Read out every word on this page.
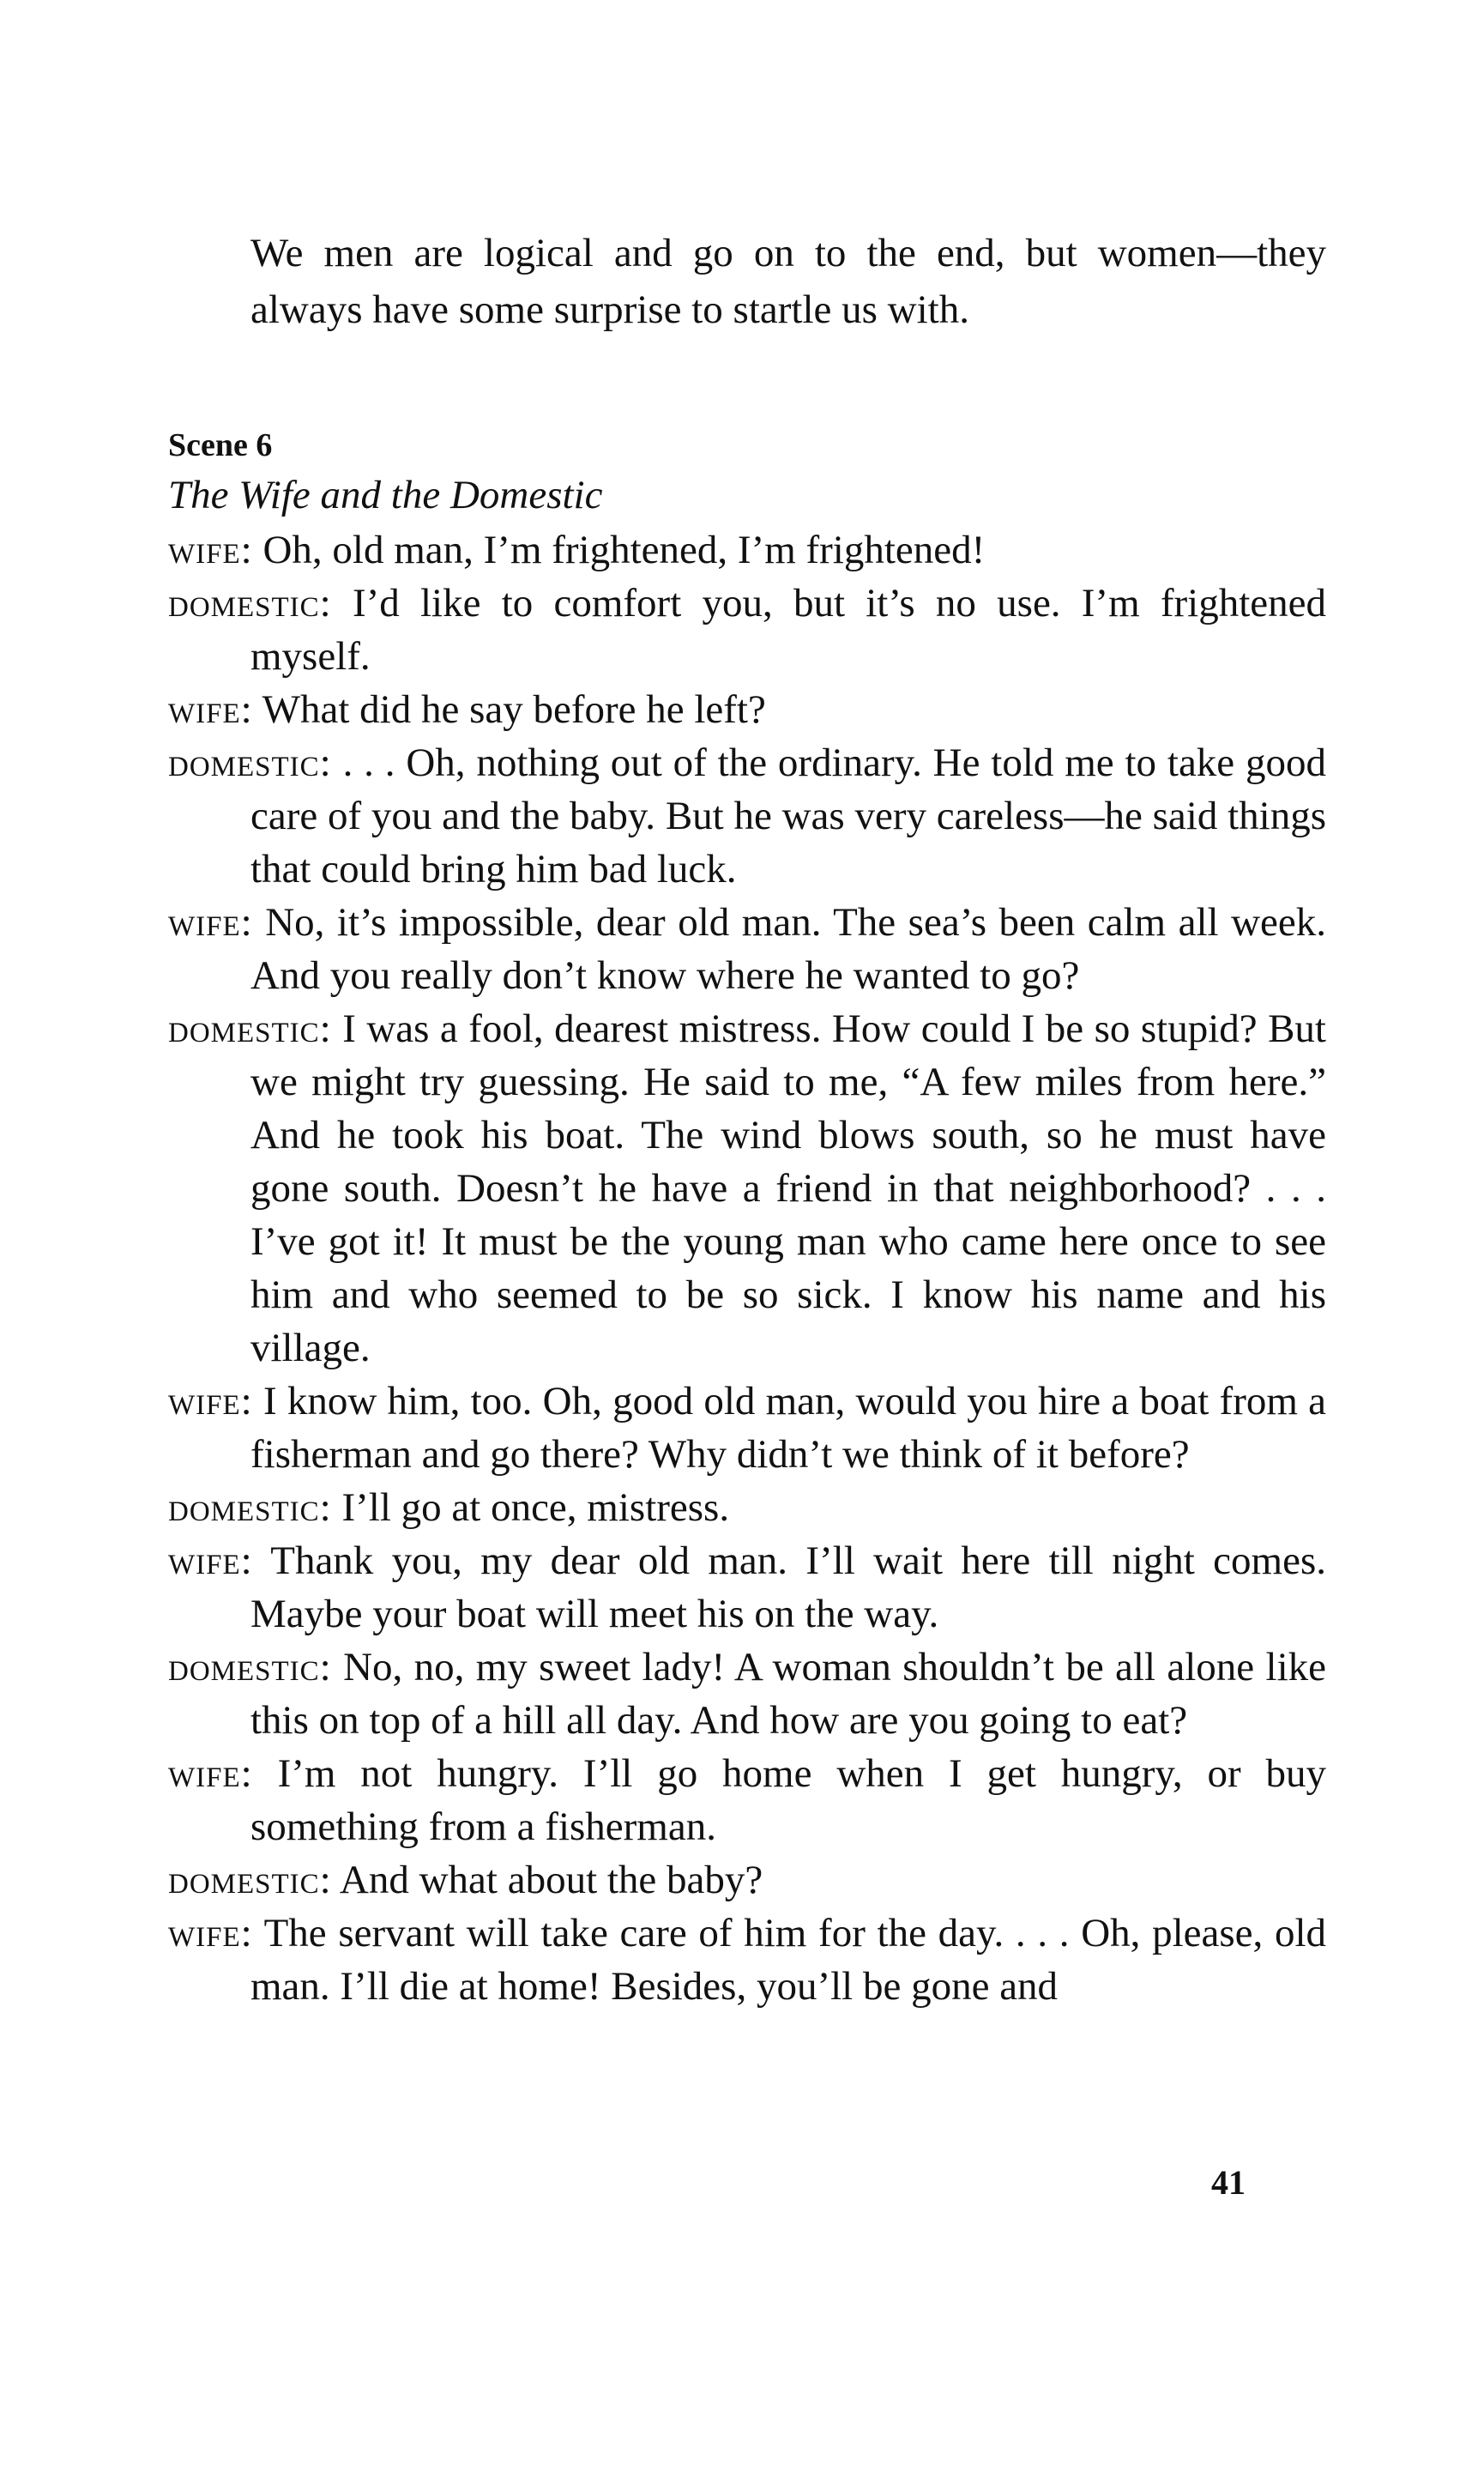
We men are logical and go on to the end, but women—they always have some surprise to startle us with.

Scene 6
The Wife and the Domestic
wife: Oh, old man, I’m frightened, I’m frightened!
domestic: I’d like to comfort you, but it’s no use. I’m frightened myself.
wife: What did he say before he left?
domestic: . . . Oh, nothing out of the ordinary. He told me to take good care of you and the baby. But he was very careless—he said things that could bring him bad luck.
wife: No, it’s impossible, dear old man. The sea’s been calm all week. And you really don’t know where he wanted to go?
domestic: I was a fool, dearest mistress. How could I be so stupid? But we might try guessing. He said to me, “A few miles from here.” And he took his boat. The wind blows south, so he must have gone south. Doesn’t he have a friend in that neighborhood? . . . I’ve got it! It must be the young man who came here once to see him and who seemed to be so sick. I know his name and his village.
wife: I know him, too. Oh, good old man, would you hire a boat from a fisherman and go there? Why didn’t we think of it before?
domestic: I’ll go at once, mistress.
wife: Thank you, my dear old man. I’ll wait here till night comes. Maybe your boat will meet his on the way.
domestic: No, no, my sweet lady! A woman shouldn’t be all alone like this on top of a hill all day. And how are you going to eat?
wife: I’m not hungry. I’ll go home when I get hungry, or buy something from a fisherman.
domestic: And what about the baby?
wife: The servant will take care of him for the day. . . . Oh, please, old man. I’ll die at home! Besides, you’ll be gone and
41
